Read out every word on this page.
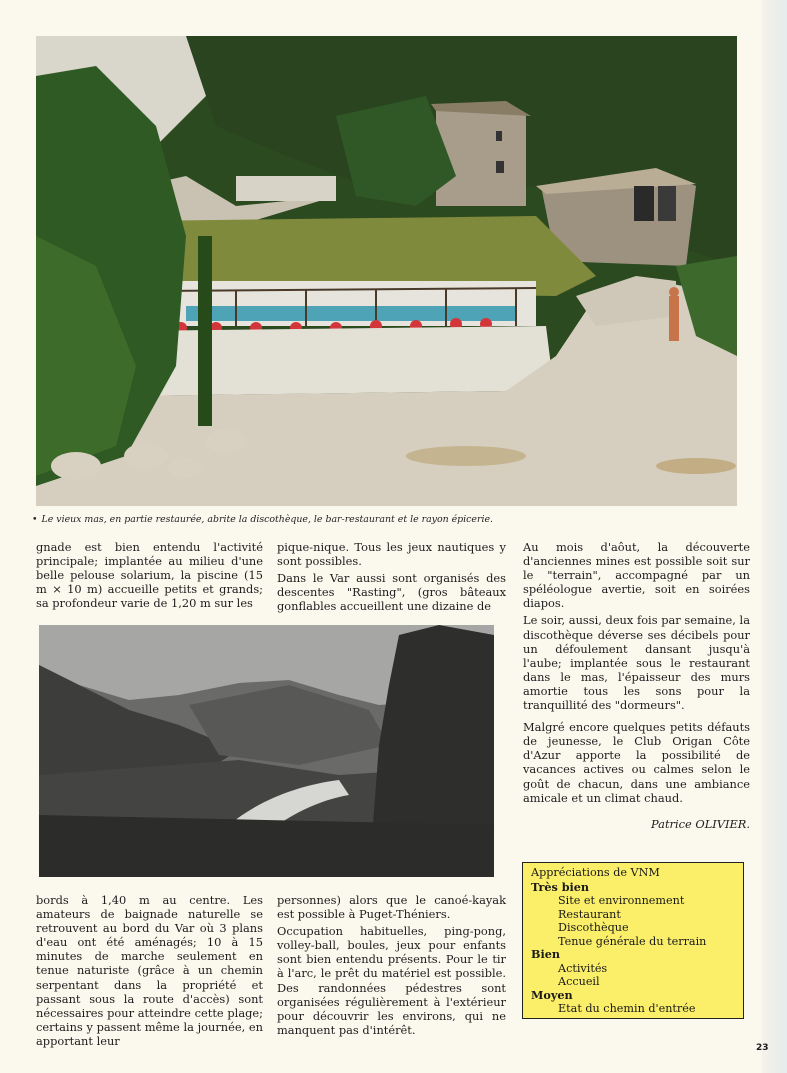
• Le vieux mas, en partie restaurée, abrite la discothèque, le bar-restaurant et le rayon épicerie.

gnade est bien entendu l'activité principale; implantée au milieu d'une belle pelouse solarium, la piscine (15 m × 10 m) accueille petits et grands; sa profondeur varie de 1,20 m sur les

pique-nique. Tous les jeux nautiques y sont possibles.

Dans le Var aussi sont organisés des descentes "Rasting", (gros bâteaux gonflables accueillent une dizaine de

Au mois d'aôut, la découverte d'anciennes mines est possible soit sur le "terrain", accompagné par un spéléologue avertie, soit en soirées diapos.

Le soir, aussi, deux fois par semaine, la discothèque déverse ses décibels pour un défoulement dansant jusqu'à l'aube; implantée sous le restaurant dans le mas, l'épaisseur des murs amortie tous les sons pour la tranquillité des "dormeurs".

Malgré encore quelques petits défauts de jeunesse, le Club Origan Côte d'Azur apporte la possibilité de vacances actives ou calmes selon le goût de chacun, dans une ambiance amicale et un climat chaud.

Patrice OLIVIER.

bords à 1,40 m au centre. Les amateurs de baignade naturelle se retrouvent au bord du Var où 3 plans d'eau ont été aménagés; 10 à 15 minutes de marche seulement en tenue naturiste (grâce à un chemin serpentant dans la propriété et passant sous la route d'accès) sont nécessaires pour atteindre cette plage; certains y passent même la journée, en apportant leur

personnes) alors que le canoé-kayak est possible à Puget-Théniers.

Occupation habituelles, ping-pong, volley-ball, boules, jeux pour enfants sont bien entendu présents. Pour le tir à l'arc, le prêt du matériel est possible. Des randonnées pédestres sont organisées régulièrement à l'extérieur pour découvrir les environs, qui ne manquent pas d'intérêt.

Appréciations de VNM
Très bien
Site et environnement
Restaurant
Discothèque
Tenue générale du terrain
Bien
Activités
Accueil
Moyen
Etat du chemin d'entrée
23
